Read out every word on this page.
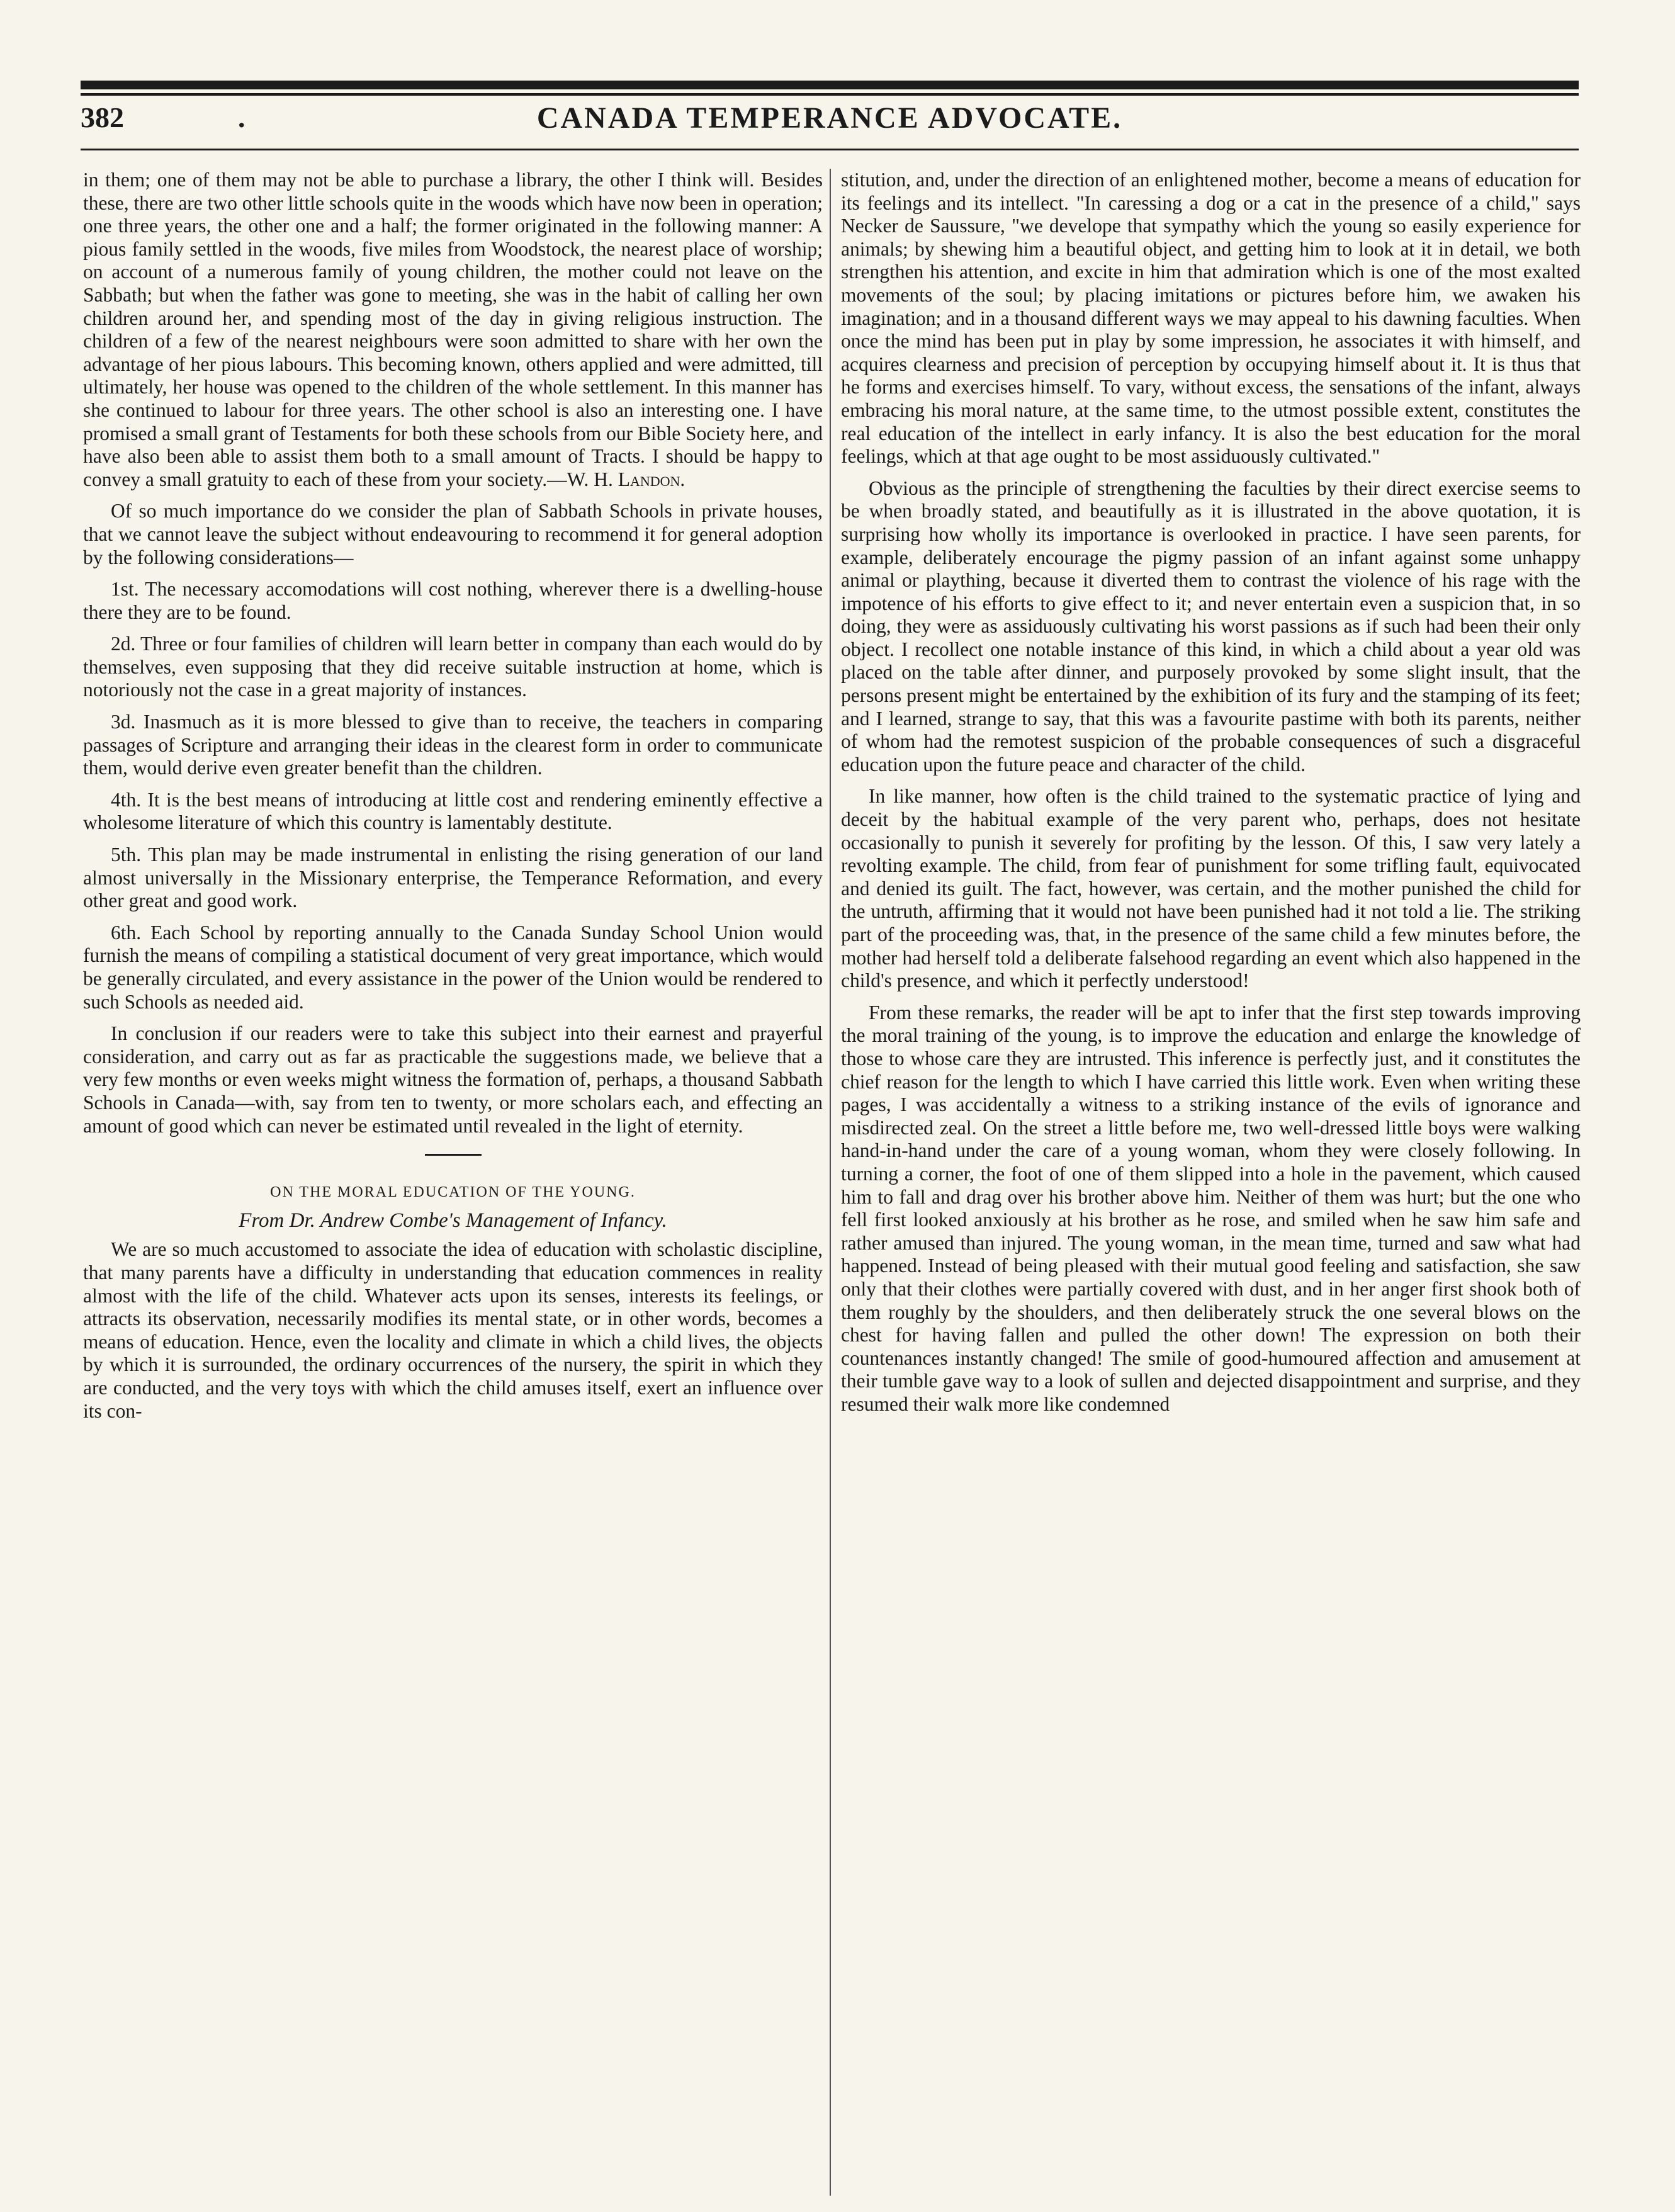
382	.	CANADA TEMPERANCE ADVOCATE.

in them; one of them may not be able to purchase a library, the other I think will. Besides these, there are two other little schools quite in the woods which have now been in operation; one three years, the other one and a half; the former originated in the following manner: A pious family settled in the woods, five miles from Woodstock, the nearest place of worship; on account of a numerous family of young children, the mother could not leave on the Sabbath; but when the father was gone to meeting, she was in the habit of calling her own children around her, and spending most of the day in giving religious instruction. The children of a few of the nearest neighbours were soon admitted to share with her own the advantage of her pious labours. This becoming known, others applied and were admitted, till ultimately, her house was opened to the children of the whole settlement. In this manner has she continued to labour for three years. The other school is also an interesting one. I have promised a small grant of Testaments for both these schools from our Bible Society here, and have also been able to assist them both to a small amount of Tracts. I should be happy to convey a small gratuity to each of these from your society.—W. H. Landon.

Of so much importance do we consider the plan of Sabbath Schools in private houses, that we cannot leave the subject without endeavouring to recommend it for general adoption by the following considerations—

1st. The necessary accomodations will cost nothing, wherever there is a dwelling-house there they are to be found.

2d. Three or four families of children will learn better in company than each would do by themselves, even supposing that they did receive suitable instruction at home, which is notoriously not the case in a great majority of instances.

3d. Inasmuch as it is more blessed to give than to receive, the teachers in comparing passages of Scripture and arranging their ideas in the clearest form in order to communicate them, would derive even greater benefit than the children.

4th. It is the best means of introducing at little cost and rendering eminently effective a wholesome literature of which this country is lamentably destitute.

5th. This plan may be made instrumental in enlisting the rising generation of our land almost universally in the Missionary enterprise, the Temperance Reformation, and every other great and good work.

6th. Each School by reporting annually to the Canada Sunday School Union would furnish the means of compiling a statistical document of very great importance, which would be generally circulated, and every assistance in the power of the Union would be rendered to such Schools as needed aid.

In conclusion if our readers were to take this subject into their earnest and prayerful consideration, and carry out as far as practicable the suggestions made, we believe that a very few months or even weeks might witness the formation of, perhaps, a thousand Sabbath Schools in Canada—with, say from ten to twenty, or more scholars each, and effecting an amount of good which can never be estimated until revealed in the light of eternity.

ON THE MORAL EDUCATION OF THE YOUNG.
From Dr. Andrew Combe's Management of Infancy.

We are so much accustomed to associate the idea of education with scholastic discipline, that many parents have a difficulty in understanding that education commences in reality almost with the life of the child. Whatever acts upon its senses, interests its feelings, or attracts its observation, necessarily modifies its mental state, or in other words, becomes a means of education. Hence, even the locality and climate in which a child lives, the objects by which it is surrounded, the ordinary occurrences of the nursery, the spirit in which they are conducted, and the very toys with which the child amuses itself, exert an influence over its con-

stitution, and, under the direction of an enlightened mother, become a means of education for its feelings and its intellect. "In caressing a dog or a cat in the presence of a child," says Necker de Saussure, "we develope that sympathy which the young so easily experience for animals; by shewing him a beautiful object, and getting him to look at it in detail, we both strengthen his attention, and excite in him that admiration which is one of the most exalted movements of the soul; by placing imitations or pictures before him, we awaken his imagination; and in a thousand different ways we may appeal to his dawning faculties. When once the mind has been put in play by some impression, he associates it with himself, and acquires clearness and precision of perception by occupying himself about it. It is thus that he forms and exercises himself. To vary, without excess, the sensations of the infant, always embracing his moral nature, at the same time, to the utmost possible extent, constitutes the real education of the intellect in early infancy. It is also the best education for the moral feelings, which at that age ought to be most assiduously cultivated."

Obvious as the principle of strengthening the faculties by their direct exercise seems to be when broadly stated, and beautifully as it is illustrated in the above quotation, it is surprising how wholly its importance is overlooked in practice. I have seen parents, for example, deliberately encourage the pigmy passion of an infant against some unhappy animal or plaything, because it diverted them to contrast the violence of his rage with the impotence of his efforts to give effect to it; and never entertain even a suspicion that, in so doing, they were as assiduously cultivating his worst passions as if such had been their only object. I recollect one notable instance of this kind, in which a child about a year old was placed on the table after dinner, and purposely provoked by some slight insult, that the persons present might be entertained by the exhibition of its fury and the stamping of its feet; and I learned, strange to say, that this was a favourite pastime with both its parents, neither of whom had the remotest suspicion of the probable consequences of such a disgraceful education upon the future peace and character of the child.

In like manner, how often is the child trained to the systematic practice of lying and deceit by the habitual example of the very parent who, perhaps, does not hesitate occasionally to punish it severely for profiting by the lesson. Of this, I saw very lately a revolting example. The child, from fear of punishment for some trifling fault, equivocated and denied its guilt. The fact, however, was certain, and the mother punished the child for the untruth, affirming that it would not have been punished had it not told a lie. The striking part of the proceeding was, that, in the presence of the same child a few minutes before, the mother had herself told a deliberate falsehood regarding an event which also happened in the child's presence, and which it perfectly understood!

From these remarks, the reader will be apt to infer that the first step towards improving the moral training of the young, is to improve the education and enlarge the knowledge of those to whose care they are intrusted. This inference is perfectly just, and it constitutes the chief reason for the length to which I have carried this little work. Even when writing these pages, I was accidentally a witness to a striking instance of the evils of ignorance and misdirected zeal. On the street a little before me, two well-dressed little boys were walking hand-in-hand under the care of a young woman, whom they were closely following. In turning a corner, the foot of one of them slipped into a hole in the pavement, which caused him to fall and drag over his brother above him. Neither of them was hurt; but the one who fell first looked anxiously at his brother as he rose, and smiled when he saw him safe and rather amused than injured. The young woman, in the mean time, turned and saw what had happened. Instead of being pleased with their mutual good feeling and satisfaction, she saw only that their clothes were partially covered with dust, and in her anger first shook both of them roughly by the shoulders, and then deliberately struck the one several blows on the chest for having fallen and pulled the other down! The expression on both their countenances instantly changed! The smile of good-humoured affection and amusement at their tumble gave way to a look of sullen and dejected disappointment and surprise, and they resumed their walk more like condemned
